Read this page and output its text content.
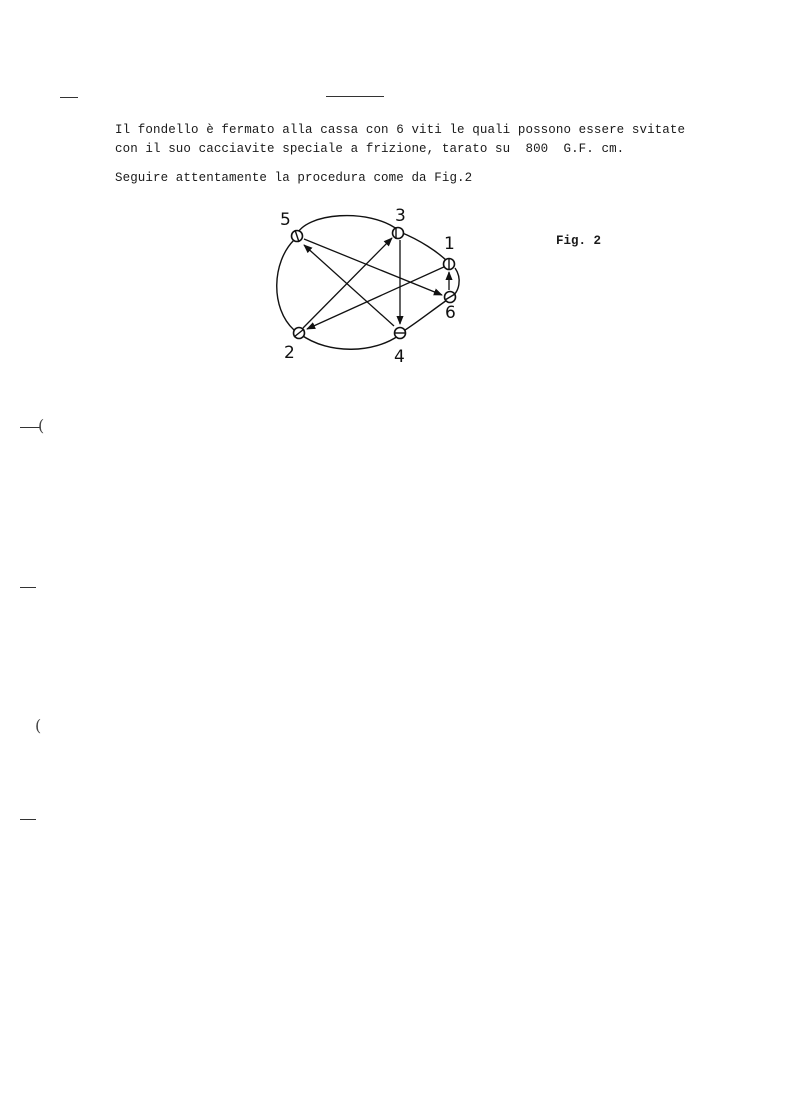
Il fondello è fermato alla cassa con 6 viti le quali possono essere svitate
con il suo cacciavite speciale a frizione, tarato su  800  G.F. cm.
Seguire attentamente la procedura come da Fig.2
5	3
1
6
2	4
Fig. 2
(
(
